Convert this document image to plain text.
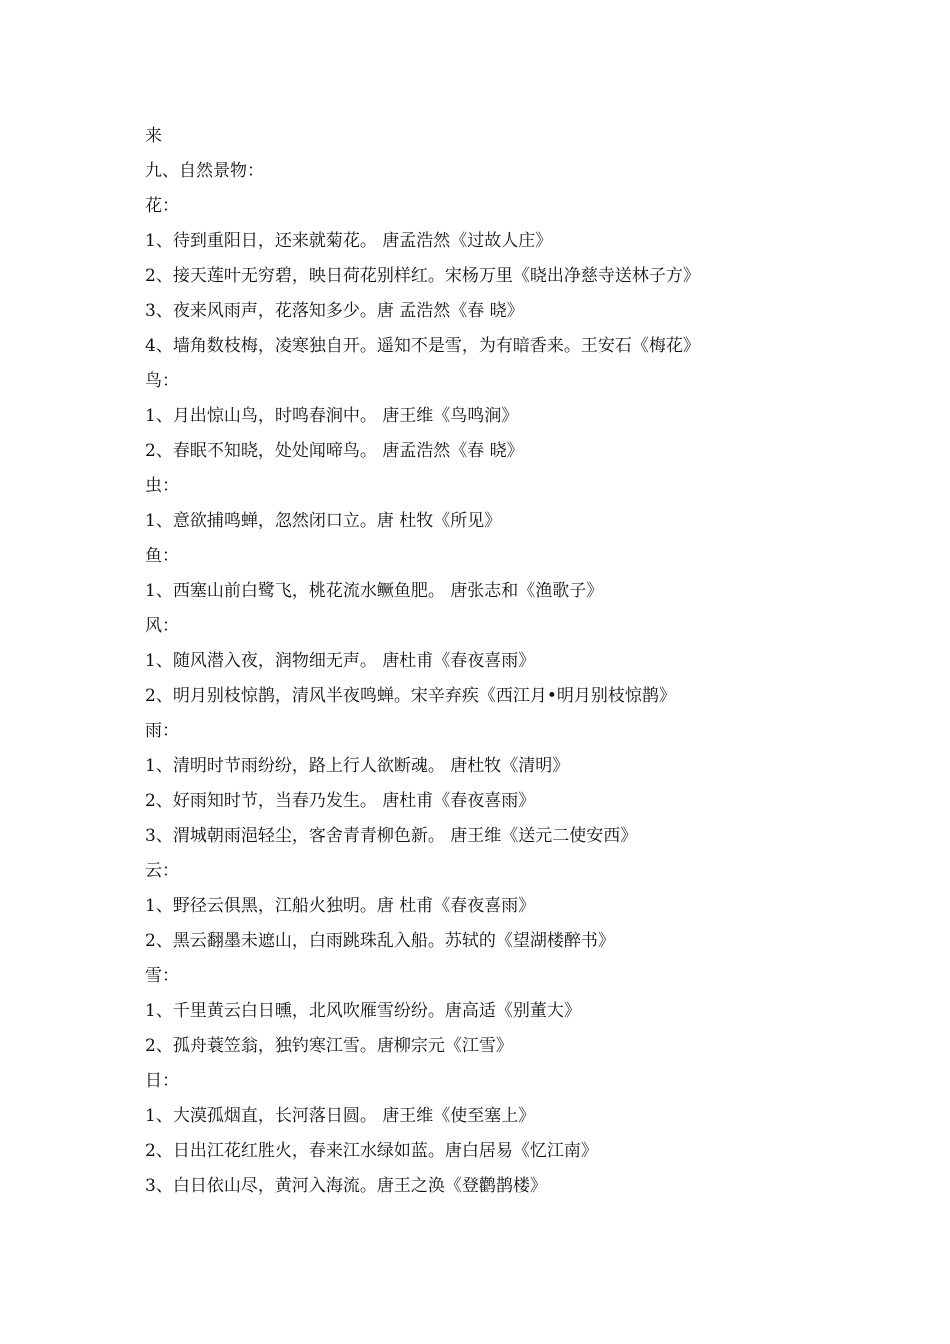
来
九、自然景物：
花：
1、待到重阳日，还来就菊花。 唐孟浩然《过故人庄》
2、接天莲叶无穷碧，映日荷花别样红。宋杨万里《晓出净慈寺送林子方》
3、夜来风雨声，花落知多少。唐 孟浩然《春 晓》
4、墙角数枝梅，凌寒独自开。遥知不是雪，为有暗香来。王安石《梅花》
鸟：
1、月出惊山鸟，时鸣春涧中。 唐王维《鸟鸣涧》
2、春眠不知晓，处处闻啼鸟。 唐孟浩然《春 晓》
虫：
1、意欲捕鸣蝉，忽然闭口立。唐 杜牧《所见》
鱼：
1、西塞山前白鹭飞，桃花流水鳜鱼肥。 唐张志和《渔歌子》
风：
1、随风潜入夜，润物细无声。 唐杜甫《春夜喜雨》
2、明月别枝惊鹊，清风半夜鸣蝉。宋辛弃疾《西江月•明月别枝惊鹊》
雨：
1、清明时节雨纷纷，路上行人欲断魂。 唐杜牧《清明》
2、好雨知时节，当春乃发生。 唐杜甫《春夜喜雨》
3、渭城朝雨浥轻尘，客舍青青柳色新。 唐王维《送元二使安西》
云：
1、野径云俱黑，江船火独明。唐 杜甫《春夜喜雨》
2、黑云翻墨未遮山，白雨跳珠乱入船。苏轼的《望湖楼醉书》
雪：
1、千里黄云白日曛，北风吹雁雪纷纷。唐高适《别董大》
2、孤舟蓑笠翁，独钓寒江雪。唐柳宗元《江雪》
日：
1、大漠孤烟直，长河落日圆。 唐王维《使至塞上》
2、日出江花红胜火，春来江水绿如蓝。唐白居易《忆江南》
3、白日依山尽，黄河入海流。唐王之涣《登鹳鹊楼》
